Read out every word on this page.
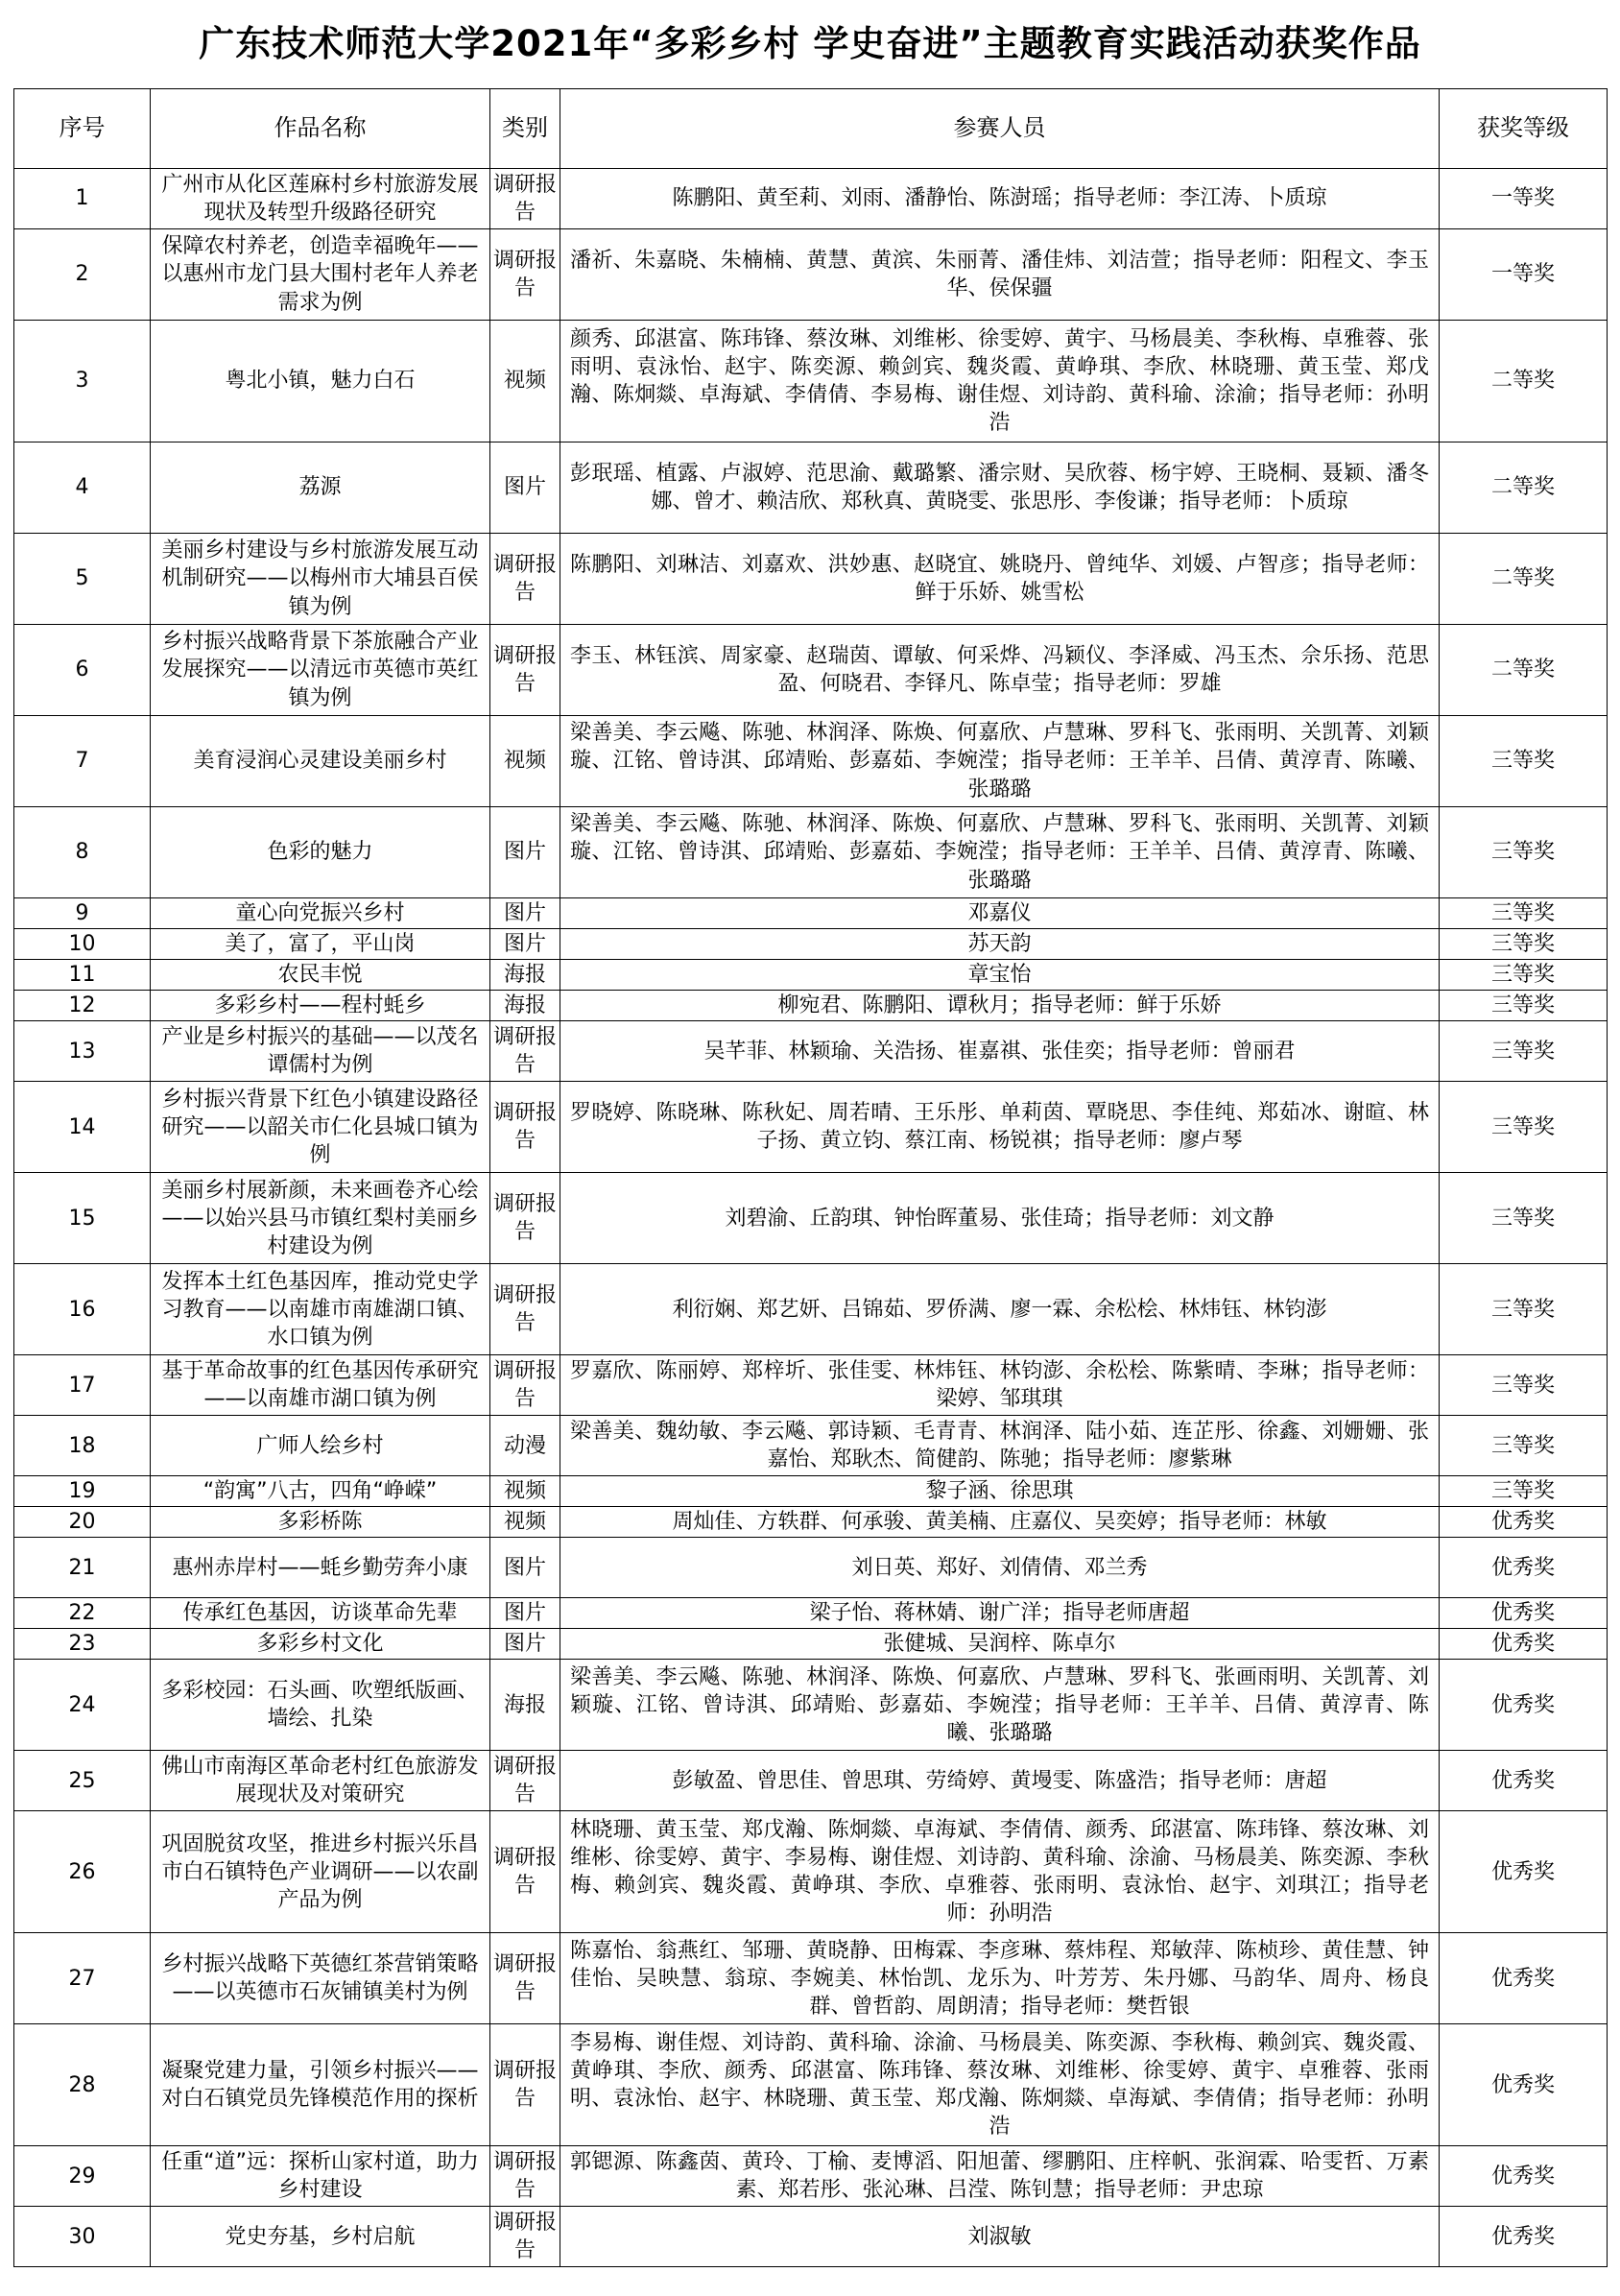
广东技术师范大学2021年“多彩乡村 学史奋进”主题教育实践活动获奖作品
序号	作品名称	类别	参赛人员	获奖等级
1	广州市从化区莲麻村乡村旅游发展现状及转型升级路径研究	调研报告	陈鹏阳、黄至莉、刘雨、潘静怡、陈澍瑶；指导老师：李江涛、卜质琼	一等奖
2	保障农村养老，创造幸福晚年——以惠州市龙门县大围村老年人养老需求为例	调研报告	潘祈、朱嘉晓、朱楠楠、黄慧、黄滨、朱丽菁、潘佳炜、刘洁萱；指导老师：阳程文、李玉华、侯保疆	一等奖
3	粤北小镇，魅力白石	视频	颜秀、邱湛富、陈玮锋、蔡汝琳、刘维彬、徐雯婷、黄宇、马杨晨美、李秋梅、卓雅蓉、张雨明、袁泳怡、赵宇、陈奕源、赖剑宾、魏炎霞、黄峥琪、李欣、林晓珊、黄玉莹、郑戊瀚、陈炯燚、卓海斌、李倩倩、李易梅、谢佳煜、刘诗韵、黄科瑜、涂渝；指导老师：孙明浩	二等奖
4	荔源	图片	彭珉瑶、植露、卢淑婷、范思渝、戴璐繁、潘宗财、吴欣蓉、杨宇婷、王晓桐、聂颖、潘冬娜、曾才、赖洁欣、郑秋真、黄晓雯、张思彤、李俊谦；指导老师：卜质琼	二等奖
5	美丽乡村建设与乡村旅游发展互动机制研究——以梅州市大埔县百侯镇为例	调研报告	陈鹏阳、刘琳洁、刘嘉欢、洪妙惠、赵晓宜、姚晓丹、曾纯华、刘媛、卢智彦；指导老师：鲜于乐娇、姚雪松	二等奖
6	乡村振兴战略背景下茶旅融合产业发展探究——以清远市英德市英红镇为例	调研报告	李玉、林钰滨、周家豪、赵瑞茵、谭敏、何采烨、冯颖仪、李泽威、冯玉杰、佘乐扬、范思盈、何晓君、李铎凡、陈卓莹；指导老师：罗雄	二等奖
7	美育浸润心灵建设美丽乡村	视频	梁善美、李云飚、陈驰、林润泽、陈焕、何嘉欣、卢慧琳、罗科飞、张雨明、关凯菁、刘颖璇、江铭、曾诗淇、邱靖贻、彭嘉茹、李婉滢；指导老师：王羊羊、吕倩、黄淳青、陈曦、张璐璐	三等奖
8	色彩的魅力	图片	梁善美、李云飚、陈驰、林润泽、陈焕、何嘉欣、卢慧琳、罗科飞、张雨明、关凯菁、刘颖璇、江铭、曾诗淇、邱靖贻、彭嘉茹、李婉滢；指导老师：王羊羊、吕倩、黄淳青、陈曦、张璐璐	三等奖
9	童心向党振兴乡村	图片	邓嘉仪	三等奖
10	美了，富了，平山岗	图片	苏天韵	三等奖
11	农民丰悦	海报	章宝怡	三等奖
12	多彩乡村——程村蚝乡	海报	柳宛君、陈鹏阳、谭秋月；指导老师：鲜于乐娇	三等奖
13	产业是乡村振兴的基础——以茂名谭儒村为例	调研报告	吴芊菲、林颖瑜、关浩扬、崔嘉祺、张佳奕；指导老师：曾丽君	三等奖
14	乡村振兴背景下红色小镇建设路径研究——以韶关市仁化县城口镇为例	调研报告	罗晓婷、陈晓琳、陈秋妃、周若晴、王乐彤、单莉茵、覃晓思、李佳纯、郑茹冰、谢暄、林子扬、黄立钧、蔡江南、杨锐祺；指导老师：廖卢琴	三等奖
15	美丽乡村展新颜，未来画卷齐心绘——以始兴县马市镇红梨村美丽乡村建设为例	调研报告	刘碧渝、丘韵琪、钟怡晖董易、张佳琦；指导老师：刘文静	三等奖
16	发挥本土红色基因库，推动党史学习教育——以南雄市南雄湖口镇、水口镇为例	调研报告	利衍娴、郑艺妍、吕锦茹、罗侨满、廖一霖、余松桧、林炜钰、林钧澎	三等奖
17	基于革命故事的红色基因传承研究——以南雄市湖口镇为例	调研报告	罗嘉欣、陈丽婷、郑梓圻、张佳雯、林炜钰、林钧澎、余松桧、陈紫晴、李琳；指导老师：梁婷、邹琪琪	三等奖
18	广师人绘乡村	动漫	梁善美、魏幼敏、李云飚、郭诗颖、毛青青、林润泽、陆小茹、连芷彤、徐鑫、刘姗姗、张嘉怡、郑耿杰、简健韵、陈驰；指导老师：廖紫琳	三等奖
19	“韵寓”八古，四角“峥嵘”	视频	黎子涵、徐思琪	三等奖
20	多彩桥陈	视频	周灿佳、方轶群、何承骏、黄美楠、庄嘉仪、吴奕婷；指导老师：林敏	优秀奖
21	惠州赤岸村——蚝乡勤劳奔小康	图片	刘日英、郑好、刘倩倩、邓兰秀	优秀奖
22	传承红色基因，访谈革命先辈	图片	梁子怡、蒋林婧、谢广洋；指导老师唐超	优秀奖
23	多彩乡村文化	图片	张健城、吴润梓、陈卓尔	优秀奖
24	多彩校园：石头画、吹塑纸版画、墙绘、扎染	海报	梁善美、李云飚、陈驰、林润泽、陈焕、何嘉欣、卢慧琳、罗科飞、张画雨明、关凯菁、刘颖璇、江铭、曾诗淇、邱靖贻、彭嘉茹、李婉滢；指导老师：王羊羊、吕倩、黄淳青、陈曦、张璐璐	优秀奖
25	佛山市南海区革命老村红色旅游发展现状及对策研究	调研报告	彭敏盈、曾思佳、曾思琪、劳绮婷、黄墁雯、陈盛浩；指导老师：唐超	优秀奖
26	巩固脱贫攻坚，推进乡村振兴乐昌市白石镇特色产业调研——以农副产品为例	调研报告	林晓珊、黄玉莹、郑戊瀚、陈炯燚、卓海斌、李倩倩、颜秀、邱湛富、陈玮锋、蔡汝琳、刘维彬、徐雯婷、黄宇、李易梅、谢佳煜、刘诗韵、黄科瑜、涂渝、马杨晨美、陈奕源、李秋梅、赖剑宾、魏炎霞、黄峥琪、李欣、卓雅蓉、张雨明、袁泳怡、赵宇、刘琪江；指导老师：孙明浩	优秀奖
27	乡村振兴战略下英德红茶营销策略——以英德市石灰铺镇美村为例	调研报告	陈嘉怡、翁燕红、邹珊、黄晓静、田梅霖、李彦琳、蔡炜程、郑敏萍、陈桢珍、黄佳慧、钟佳怡、吴映慧、翁琼、李婉美、林怡凯、龙乐为、叶芳芳、朱丹娜、马韵华、周舟、杨良群、曾哲韵、周朗清；指导老师：樊哲银	优秀奖
28	凝聚党建力量，引领乡村振兴——对白石镇党员先锋模范作用的探析	调研报告	李易梅、谢佳煜、刘诗韵、黄科瑜、涂渝、马杨晨美、陈奕源、李秋梅、赖剑宾、魏炎霞、黄峥琪、李欣、颜秀、邱湛富、陈玮锋、蔡汝琳、刘维彬、徐雯婷、黄宇、卓雅蓉、张雨明、袁泳怡、赵宇、林晓珊、黄玉莹、郑戊瀚、陈炯燚、卓海斌、李倩倩；指导老师：孙明浩	优秀奖
29	任重“道”远：探析山家村道，助力乡村建设	调研报告	郭锶源、陈鑫茵、黄玲、丁榆、麦博滔、阳旭蕾、缪鹏阳、庄梓帆、张润霖、哈雯哲、万素素、郑若彤、张沁琳、吕滢、陈钊慧；指导老师：尹忠琼	优秀奖
30	党史夯基，乡村启航	调研报告	刘淑敏	优秀奖
